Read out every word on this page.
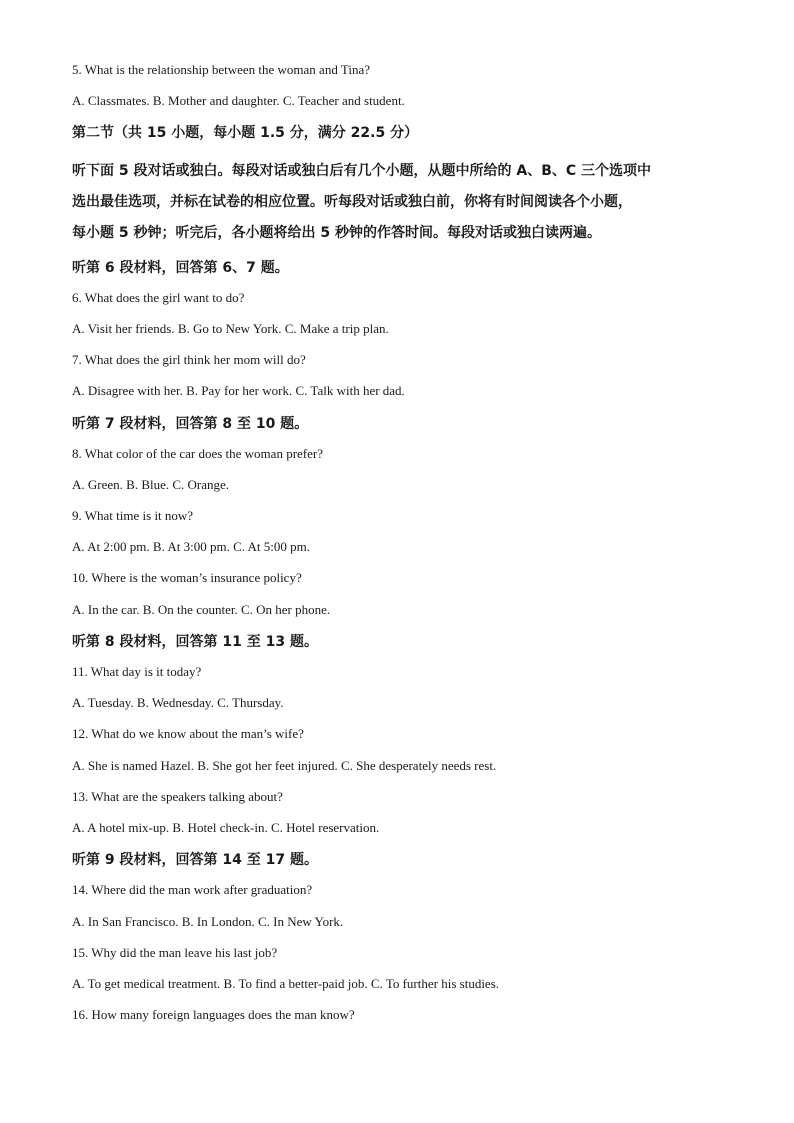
5. What is the relationship between the woman and Tina?
A. Classmates. B. Mother and daughter. C. Teacher and student.
第二节（共 15 小题，每小题 1.5 分，满分 22.5 分）
听下面 5 段对话或独白。每段对话或独白后有几个小题，从题中所给的 A、B、C 三个选项中
选出最佳选项，并标在试卷的相应位置。听每段对话或独白前，你将有时间阅读各个小题，
每小题 5 秒钟；听完后，各小题将给出 5 秒钟的作答时间。每段对话或独白读两遍。
听第 6 段材料，回答第 6、7 题。
6. What does the girl want to do?
A. Visit her friends. B. Go to New York. C. Make a trip plan.
7. What does the girl think her mom will do?
A. Disagree with her. B. Pay for her work. C. Talk with her dad.
听第 7 段材料，回答第 8 至 10 题。
8. What color of the car does the woman prefer?
A. Green. B. Blue. C. Orange.
9. What time is it now?
A. At 2:00 pm. B. At 3:00 pm. C. At 5:00 pm.
10. Where is the woman’s insurance policy?
A. In the car. B. On the counter. C. On her phone.
听第 8 段材料，回答第 11 至 13 题。
11. What day is it today?
A. Tuesday. B. Wednesday. C. Thursday.
12. What do we know about the man’s wife?
A. She is named Hazel. B. She got her feet injured. C. She desperately needs rest.
13. What are the speakers talking about?
A. A hotel mix-up. B. Hotel check-in. C. Hotel reservation.
听第 9 段材料，回答第 14 至 17 题。
14. Where did the man work after graduation?
A. In San Francisco. B. In London. C. In New York.
15. Why did the man leave his last job?
A. To get medical treatment. B. To find a better-paid job. C. To further his studies.
16. How many foreign languages does the man know?
